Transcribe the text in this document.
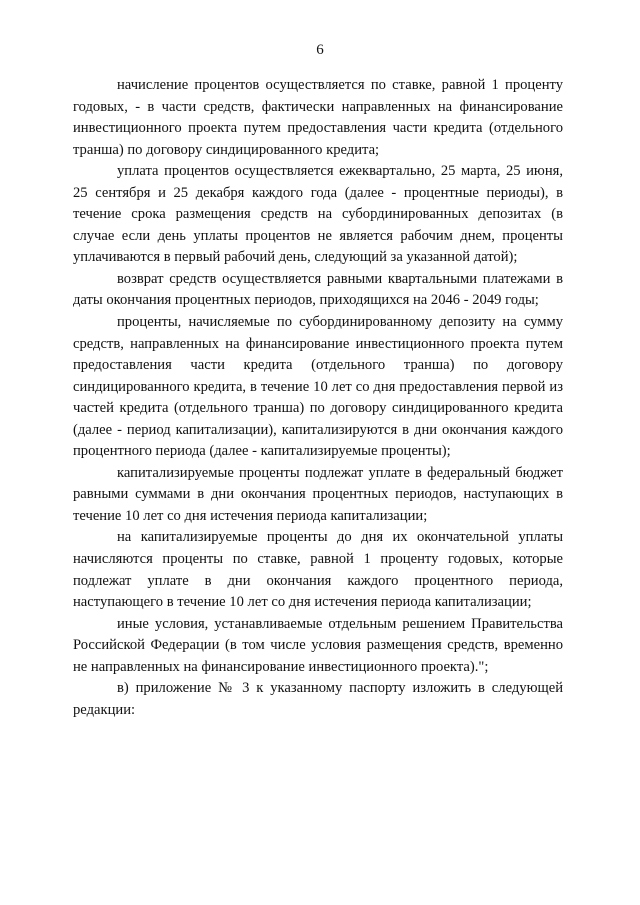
6

начисление процентов осуществляется по ставке, равной 1 проценту годовых, - в части средств, фактически направленных на финансирование инвестиционного проекта путем предоставления части кредита (отдельного транша) по договору синдицированного кредита;

уплата процентов осуществляется ежеквартально, 25 марта, 25 июня, 25 сентября и 25 декабря каждого года (далее - процентные периоды), в течение срока размещения средств на субординированных депозитах (в случае если день уплаты процентов не является рабочим днем, проценты уплачиваются в первый рабочий день, следующий за указанной датой);

возврат средств осуществляется равными квартальными платежами в даты окончания процентных периодов, приходящихся на 2046 - 2049 годы;

проценты, начисляемые по субординированному депозиту на сумму средств, направленных на финансирование инвестиционного проекта путем предоставления части кредита (отдельного транша) по договору синдицированного кредита, в течение 10 лет со дня предоставления первой из частей кредита (отдельного транша) по договору синдицированного кредита (далее - период капитализации), капитализируются в дни окончания каждого процентного периода (далее - капитализируемые проценты);

капитализируемые проценты подлежат уплате в федеральный бюджет равными суммами в дни окончания процентных периодов, наступающих в течение 10 лет со дня истечения периода капитализации;

на капитализируемые проценты до дня их окончательной уплаты начисляются проценты по ставке, равной 1 проценту годовых, которые подлежат уплате в дни окончания каждого процентного периода, наступающего в течение 10 лет со дня истечения периода капитализации;

иные условия, устанавливаемые отдельным решением Правительства Российской Федерации (в том числе условия размещения средств, временно не направленных на финансирование инвестиционного проекта).";

в) приложение № 3 к указанному паспорту изложить в следующей редакции:
